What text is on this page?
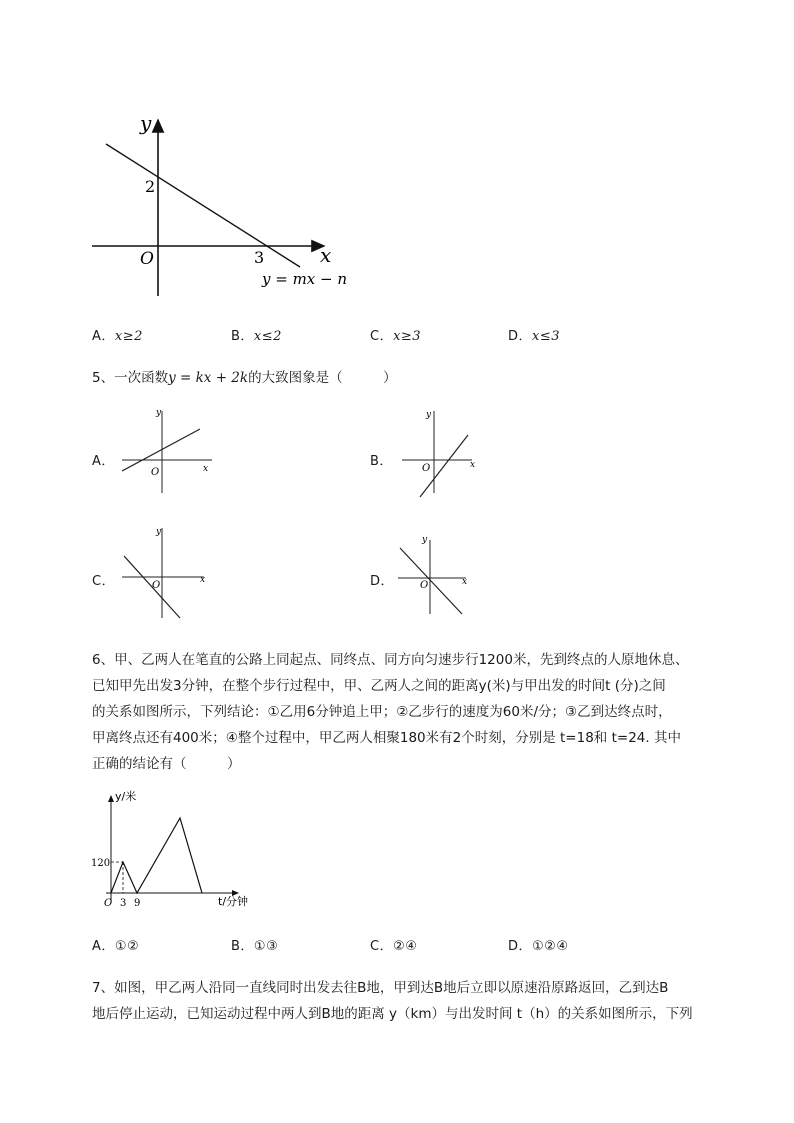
y
x
O
2
3
y = mx − n
A．x≥2	B．x≤2	C．x≥3	D．x≤3
5、一次函数y = kx + 2k的大致图象是（　　　）
A．
y
x
O
B．
y
x
O
C．
y
x
O	D．
y
x
O
6、甲、乙两人在笔直的公路上同起点、同终点、同方向匀速步行1200米，先到终点的人原地休息、
已知甲先出发3分钟，在整个步行过程中，甲、乙两人之间的距离y(米)与甲出发的时间t (分)之间
的关系如图所示，下列结论：①乙用6分钟追上甲；②乙步行的速度为60米/分；③乙到达终点时，
甲离终点还有400米；④整个过程中，甲乙两人相聚180米有2个时刻，分别是 t=18和 t=24. 其中
正确的结论有（　　　）
y/米
t/分钟
O
120
3 9
A．①②	B．①③	C．②④	D．①②④
7、如图，甲乙两人沿同一直线同时出发去往B地，甲到达B地后立即以原速沿原路返回，乙到达B
地后停止运动，已知运动过程中两人到B地的距离 y（km）与出发时间 t（h）的关系如图所示，下列
